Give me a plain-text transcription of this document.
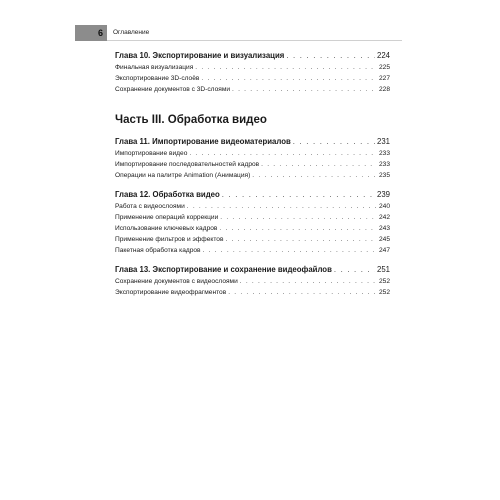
6 Оглавление
Глава 10. Экспортирование и визуализация . . .	224
Финальная визуализация . . .	225
Экспортирование 3D-слоёв . . .	227
Сохранение документов с 3D-слоями . . .	228
Часть III. Обработка видео
Глава 11. Импортирование видеоматериалов . . .	231
Импортирование видео . . .	233
Импортирование последовательностей кадров . . .	233
Операции на палитре Animation (Анимация) . . .	235
Глава 12. Обработка видео . . .	239
Работа с видеослоями . . .	240
Применение операций коррекции . . .	242
Использование ключевых кадров . . .	243
Применение фильтров и эффектов . . .	245
Пакетная обработка кадров . . .	247
Глава 13. Экспортирование и сохранение видеофайлов . . .	251
Сохранение документов с видеослоями . . .	252
Экспортирование видеофрагментов . . .	252
